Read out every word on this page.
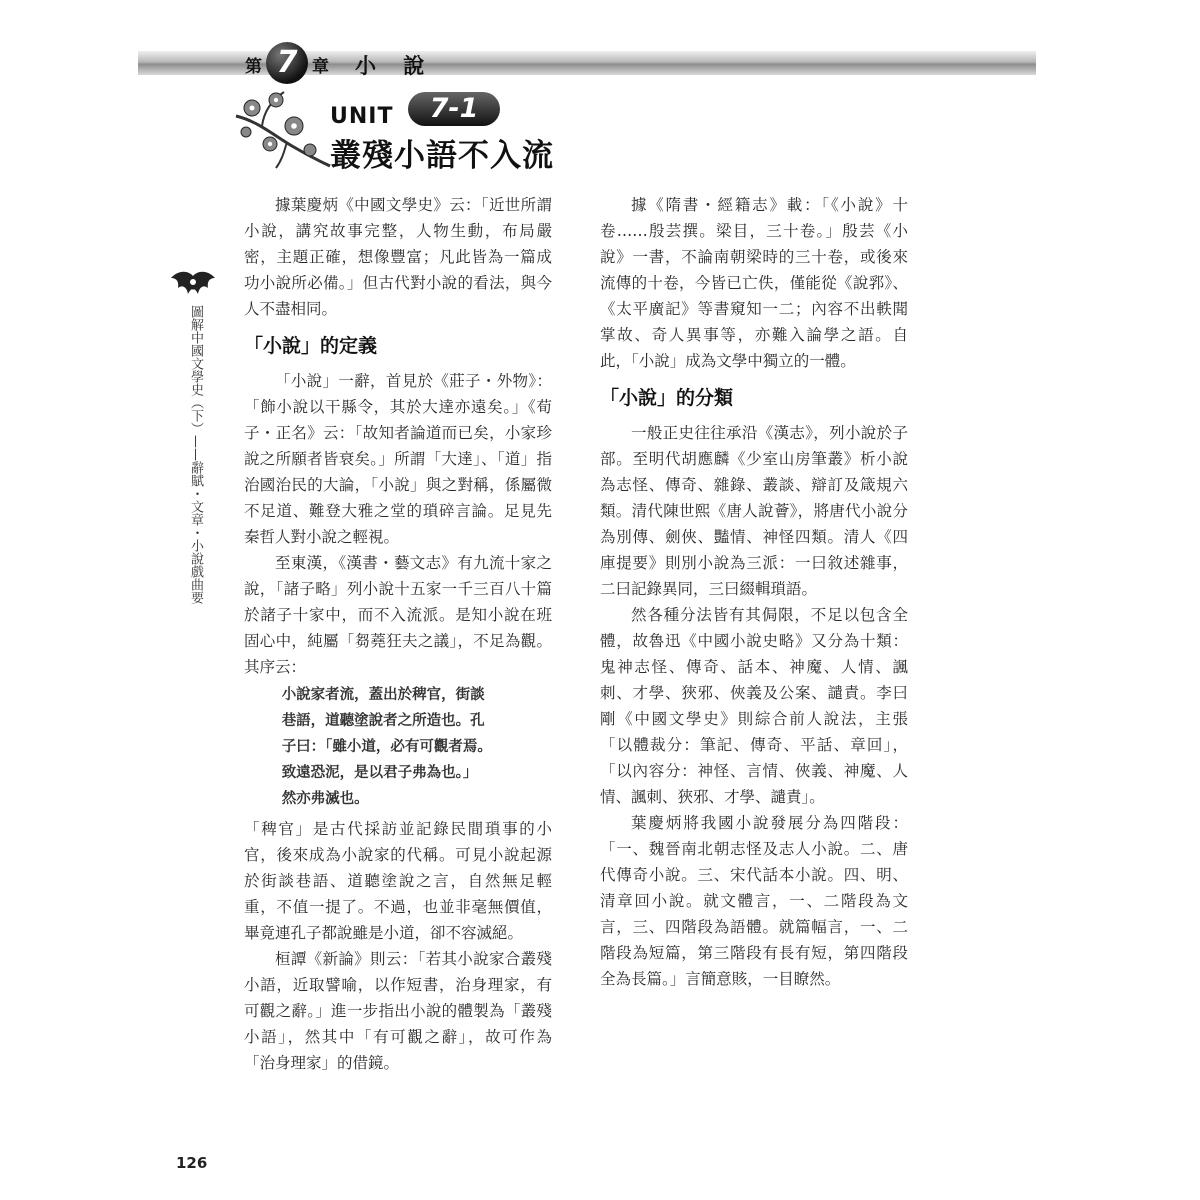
第 7 章 小 說
UNIT	7-1
叢殘小語不入流
圖解中國文學史（下）——辭賦・文章・小說戲曲要

據葉慶炳《中國文學史》云：「近世所謂小說，講究故事完整，人物生動，布局嚴密，主題正確，想像豐富；凡此皆為一篇成功小說所必備。」但古代對小說的看法，與今人不盡相同。

「小說」的定義

「小說」一辭，首見於《莊子・外物》：「飾小說以干縣令，其於大達亦遠矣。」《荀子・正名》云：「故知者論道而已矣，小家珍說之所願者皆衰矣。」所謂「大達」、「道」指治國治民的大論，「小說」與之對稱，係屬微不足道、難登大雅之堂的瑣碎言論。足見先秦哲人對小說之輕視。

至東漢，《漢書・藝文志》有九流十家之說，「諸子略」列小說十五家一千三百八十篇於諸子十家中，而不入流派。是知小說在班固心中，純屬「芻蕘狂夫之議」，不足為觀。其序云：

小說家者流，蓋出於稗官，街談
巷語，道聽塗說者之所造也。孔
子曰：「雖小道，必有可觀者焉。
致遠恐泥，是以君子弗為也。」
然亦弗滅也。

「稗官」是古代採訪並記錄民間瑣事的小官，後來成為小說家的代稱。可見小說起源於街談巷語、道聽塗說之言，自然無足輕重，不值一提了。不過，也並非毫無價值，畢竟連孔子都說雖是小道，卻不容滅絕。

桓譚《新論》則云：「若其小說家合叢殘小語，近取譬喻，以作短書，治身理家，有可觀之辭。」進一步指出小說的體製為「叢殘小語」，然其中「有可觀之辭」，故可作為「治身理家」的借鏡。

據《隋書・經籍志》載：「《小說》十卷……殷芸撰。梁目，三十卷。」殷芸《小說》一書，不論南朝梁時的三十卷，或後來流傳的十卷，今皆已亡佚，僅能從《說郛》、《太平廣記》等書窺知一二；內容不出軼聞掌故、奇人異事等，亦難入論學之語。自此，「小說」成為文學中獨立的一體。

「小說」的分類

一般正史往往承沿《漢志》，列小說於子部。至明代胡應麟《少室山房筆叢》析小說為志怪、傳奇、雜錄、叢談、辯訂及箴規六類。清代陳世熙《唐人說薈》，將唐代小說分為別傳、劍俠、豔情、神怪四類。清人《四庫提要》則別小說為三派：一曰敘述雜事，二曰記錄異同，三曰綴輯瑣語。

然各種分法皆有其侷限，不足以包含全體，故魯迅《中國小說史略》又分為十類：鬼神志怪、傳奇、話本、神魔、人情、諷刺、才學、狹邪、俠義及公案、譴責。李曰剛《中國文學史》則綜合前人說法，主張「以體裁分：筆記、傳奇、平話、章回」，「以內容分：神怪、言情、俠義、神魔、人情、諷刺、狹邪、才學、譴責」。

葉慶炳將我國小說發展分為四階段：「一、魏晉南北朝志怪及志人小說。二、唐代傳奇小說。三、宋代話本小說。四、明、清章回小說。就文體言，一、二階段為文言，三、四階段為語體。就篇幅言，一、二階段為短篇，第三階段有長有短，第四階段全為長篇。」言簡意賅，一目瞭然。

126
